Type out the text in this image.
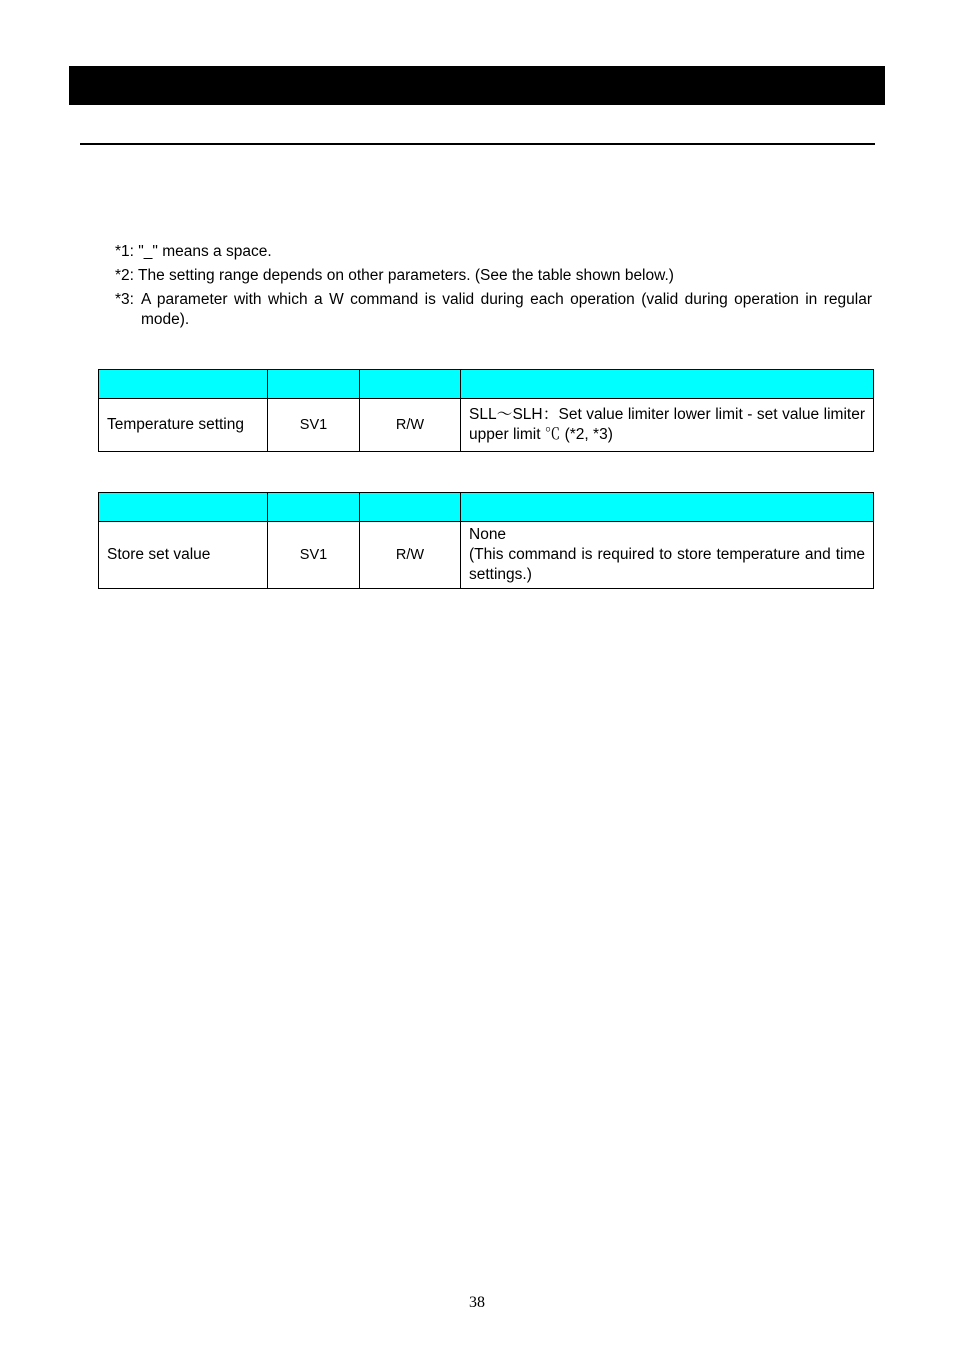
*1: "_" means a space.
*2: The setting range depends on other parameters. (See the table shown below.)
*3: A parameter with which a W command is valid during each operation (valid during operation in regular mode).

Temperature setting	SV1	R/W	SLL～SLH：Set value limiter lower limit - set value limiter upper limit ℃ (*2, *3)

Store set value	SV1	R/W	None
(This command is required to store temperature and time settings.)
38
